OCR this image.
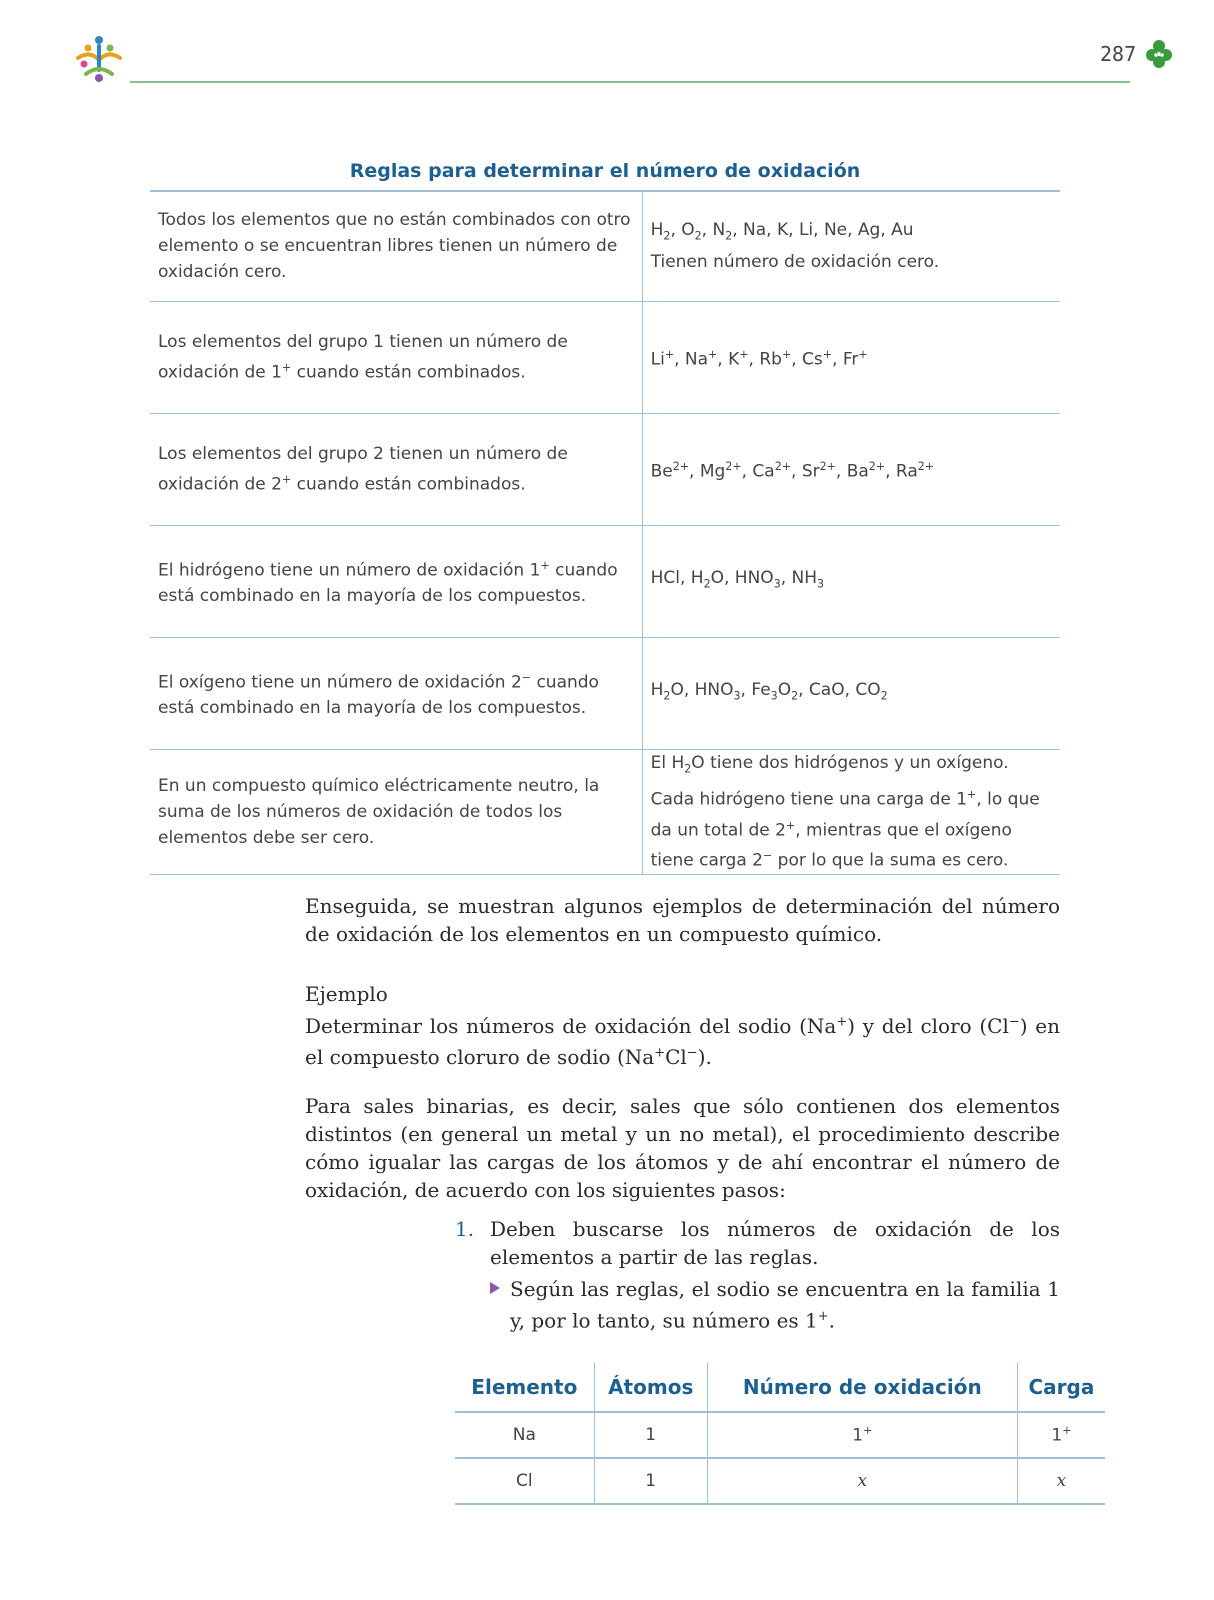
287
Reglas para determinar el número de oxidación
Todos los elementos que no están combinados con otro elemento o se encuentran libres tienen un número de oxidación cero.	$H_2$, $O_2$, $N_2$, Na, K, Li, Ne, Ag, Au
Tienen número de oxidación cero.
Los elementos del grupo 1 tienen un número de oxidación de 1+ cuando están combinados.	Li+, Na+, K+, Rb+, Cs+, Fr+
Los elementos del grupo 2 tienen un número de oxidación de 2+ cuando están combinados.	$Be^{2+}$, $Mg^{2+}$, $Ca^{2+}$, $Sr^{2+}$, $Ba^{2+}$, $Ra^{2+}$
El hidrógeno tiene un número de oxidación 1+ cuando está combinado en la mayoría de los compuestos.	HCl, $H_2O$, $HNO_3$, $NH_3$
El oxígeno tiene un número de oxidación 2− cuando está combinado en la mayoría de los compuestos.	$H_2O$, $HNO_3$, $Fe_3O_2$, CaO, $CO_2$
En un compuesto químico eléctricamente neutro, la suma de los números de oxidación de todos los elementos debe ser cero.	El $H_2O$ tiene dos hidrógenos y un oxígeno. Cada hidrógeno tiene una carga de 1+, lo que da un total de 2+, mientras que el oxígeno tiene carga 2− por lo que la suma es cero.
Enseguida, se muestran algunos ejemplos de determinación del número de oxidación de los elementos en un compuesto químico.
Ejemplo
Determinar los números de oxidación del sodio (Na+) y del cloro (Cl−) en el compuesto cloruro de sodio (Na+Cl−).
Para sales binarias, es decir, sales que sólo contienen dos elementos distintos (en general un metal y un no metal), el procedimiento describe cómo igualar las cargas de los átomos y de ahí encontrar el número de oxidación, de acuerdo con los siguientes pasos:
1. Deben buscarse los números de oxidación de los elementos a partir de las reglas.
Según las reglas, el sodio se encuentra en la familia 1 y, por lo tanto, su número es 1+.
Elemento	Átomos	Número de oxidación	Carga
Na	1	1+	1+
Cl	1	x	x
